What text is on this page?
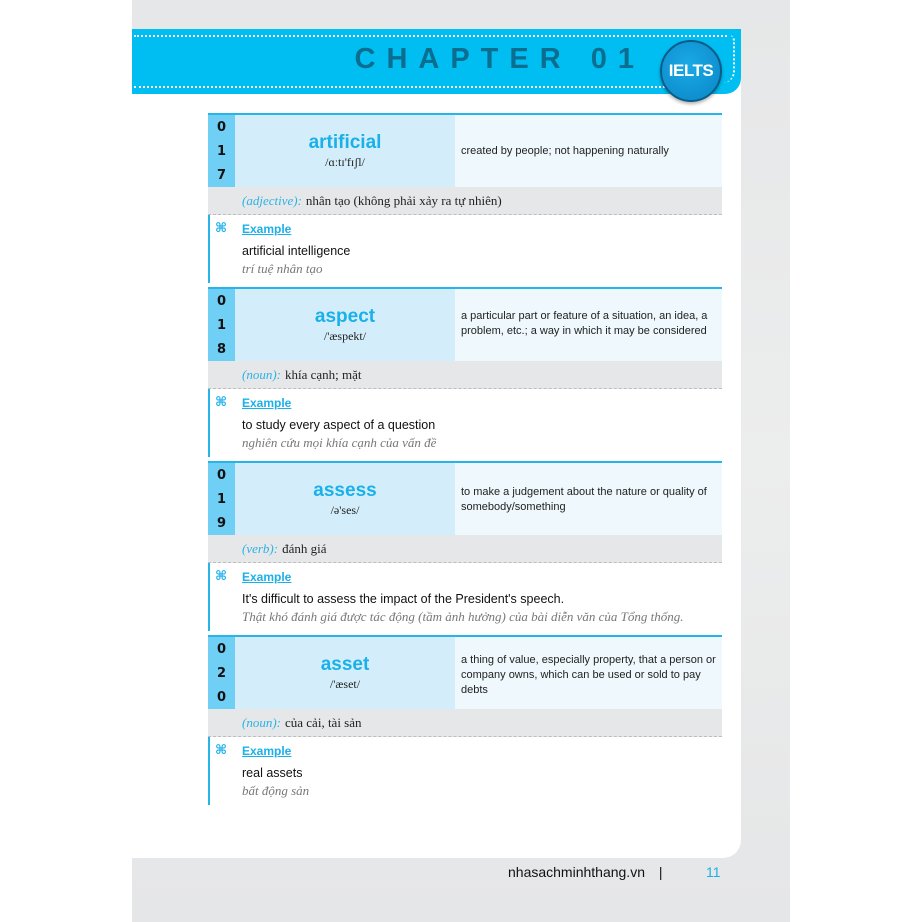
CHAPTER 01	IELTS
0
1
7
artificial
/ɑːtɪ'fɪʃl/
created by people; not happening naturally
(adjective): nhân tạo (không phải xảy ra tự nhiên)
⌘ Example
artificial intelligence
trí tuệ nhân tạo
0
1
8
aspect
/'æspekt/
a particular part or feature of a situation, an idea, a problem, etc.; a way in which it may be considered
(noun): khía cạnh; mặt
⌘ Example
to study every aspect of a question
nghiên cứu mọi khía cạnh của vấn đề
0
1
9
assess
/ə'ses/
to make a judgement about the nature or quality of somebody/something
(verb): đánh giá
⌘ Example
It's difficult to assess the impact of the President's speech.
Thật khó đánh giá được tác động (tầm ảnh hưởng) của bài diễn văn của Tổng thống.
0
2
0
asset
/'æset/
a thing of value, especially property, that a person or company owns, which can be used or sold to pay debts
(noun): của cải, tài sản
⌘ Example
real assets
bất động sản
nhasachminhthang.vn |	11
